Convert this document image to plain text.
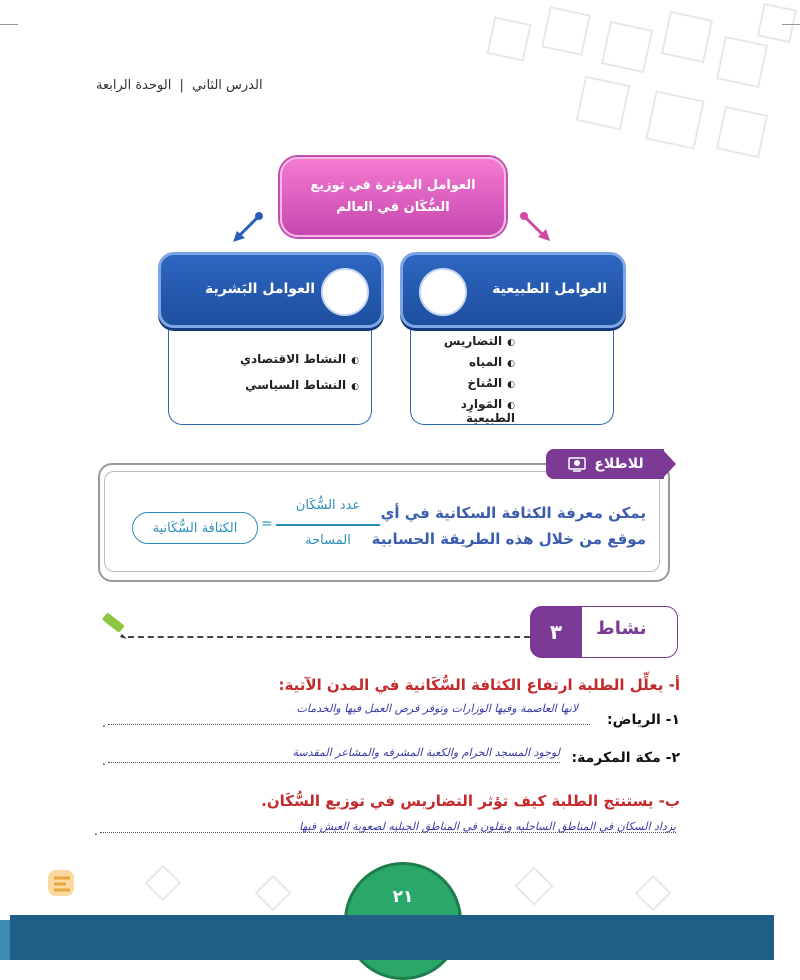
الدرس الثاني | الوحدة الرابعة
العوامل المؤثرة في توزيع
السُّكَان في العالم
◐النشاط الاقتصادي
◐النشاط السياسي
العوامل البَشرية
◐التضاريس
◐المياه
◐المُناخ
◐المَوارِد الطبيعية
العوامل الطبيعية
للاطلاع
يمكن معرفة الكثافة السكانية في أي
موقع من خلال هذه الطريقة الحسابية
عدد السُّكَان
المساحة
=
الكثافة السُّكَانية
٣	نشاط
أ- يعلِّل الطلبة ارتفاع الكثافة السُّكَانية في المدن الآتية:
لانها العاصمة وفيها الوزارات وتوفر فرص العمل فيها والخدمات
١- الرياض:
.
٢- مكة المكرمة:
لوجود المسجد الحرام والكعبة المشرفه والمشاعر المقدسة
.
ب- يستنتج الطلبة كيف تؤثر التضاريس في توزيع السُّكَان.
يزداد السكان في المناطق الساحليه ويقلون في المناطق الجبليه لصعوبة العيش فيها
.
٢١
